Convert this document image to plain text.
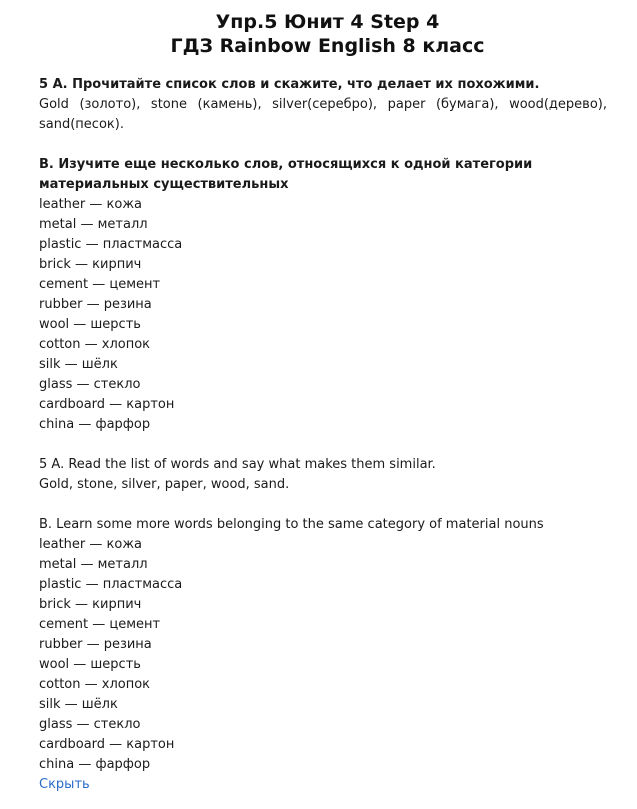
Упр.5 Юнит 4 Step 4
ГДЗ Rainbow English 8 класс
5 А. Прочитайте список слов и скажите, что делает их похожими.
Gold (золото), stone (камень), silver(серебро), paper (бумага), wood(дерево), sand(песок).
B. Изучите еще несколько слов, относящихся к одной категории материальных существительных
leather — кожа
metal — металл
plastic — пластмасса
brick — кирпич
cement — цемент
rubber — резина
wool — шерсть
cotton — хлопок
silk — шёлк
glass — стекло
cardboard — картон
china — фарфор
5 A. Read the list of words and say what makes them similar.
Gold, stone, silver, paper, wood, sand.
B. Learn some more words belonging to the same category of material nouns
leather — кожа
metal — металл
plastic — пластмасса
brick — кирпич
cement — цемент
rubber — резина
wool — шерсть
cotton — хлопок
silk — шёлк
glass — стекло
cardboard — картон
china — фарфор
Скрыть
